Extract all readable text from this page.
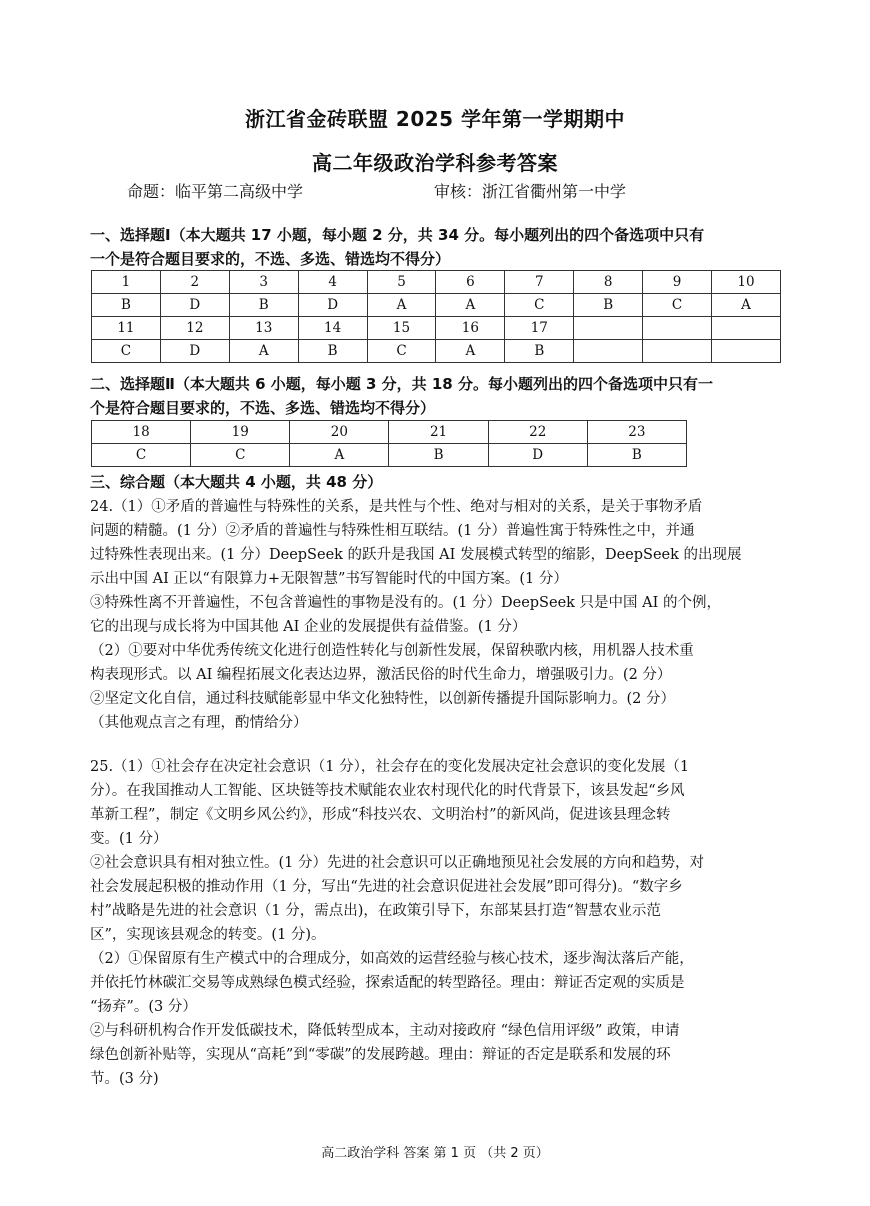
浙江省金砖联盟 2025 学年第一学期期中
高二年级政治学科参考答案
命题：临平第二高级中学	审核：浙江省衢州第一中学
一、选择题Ⅰ（本大题共 17 小题，每小题 2 分，共 34 分。每小题列出的四个备选项中只有
一个是符合题目要求的，不选、多选、错选均不得分）
1	2	3	4	5	6	7	8	9	10
B	D	B	D	A	A	C	B	C	A
11	12	13	14	15	16	17			
C	D	A	B	C	A	B			
二、选择题Ⅱ（本大题共 6 小题，每小题 3 分，共 18 分。每小题列出的四个备选项中只有一
个是符合题目要求的，不选、多选、错选均不得分）
18	19	20	21	22	23
C	C	A	B	D	B
三、综合题（本大题共 4 小题，共 48 分）
24.（1）①矛盾的普遍性与特殊性的关系，是共性与个性、绝对与相对的关系，是关于事物矛盾
问题的精髓。(1 分）②矛盾的普遍性与特殊性相互联结。(1 分）普遍性寓于特殊性之中，并通
过特殊性表现出来。(1 分）DeepSeek 的跃升是我国 AI 发展模式转型的缩影，DeepSeek 的出现展
示出中国 AI 正以“有限算力+无限智慧”书写智能时代的中国方案。(1 分）
③特殊性离不开普遍性，不包含普遍性的事物是没有的。(1 分）DeepSeek 只是中国 AI 的个例，
它的出现与成长将为中国其他 AI 企业的发展提供有益借鉴。(1 分）
（2）①要对中华优秀传统文化进行创造性转化与创新性发展，保留秧歌内核，用机器人技术重
构表现形式。以 AI 编程拓展文化表达边界，激活民俗的时代生命力，增强吸引力。(2 分）
②坚定文化自信，通过科技赋能彰显中华文化独特性，以创新传播提升国际影响力。(2 分）
（其他观点言之有理，酌情给分）
25.（1）①社会存在决定社会意识（1 分），社会存在的变化发展决定社会意识的变化发展（1
分）。在我国推动人工智能、区块链等技术赋能农业农村现代化的时代背景下，该县发起“乡风
革新工程”，制定《文明乡风公约》，形成“科技兴农、文明治村”的新风尚，促进该县理念转
变。(1 分）
②社会意识具有相对独立性。(1 分）先进的社会意识可以正确地预见社会发展的方向和趋势，对
社会发展起积极的推动作用（1 分，写出“先进的社会意识促进社会发展”即可得分)。“数字乡
村”战略是先进的社会意识（1 分，需点出)，在政策引导下，东部某县打造“智慧农业示范
区”，实现该县观念的转变。(1 分)。
（2）①保留原有生产模式中的合理成分，如高效的运营经验与核心技术，逐步淘汰落后产能，
并依托竹林碳汇交易等成熟绿色模式经验，探索适配的转型路径。理由：辩证否定观的实质是
“扬弃”。(3 分）
②与科研机构合作开发低碳技术，降低转型成本，主动对接政府 “绿色信用评级” 政策，申请
绿色创新补贴等，实现从“高耗”到“零碳”的发展跨越。理由：辩证的否定是联系和发展的环
节。(3 分)
高二政治学科 答案 第 1 页 （共 2 页）
